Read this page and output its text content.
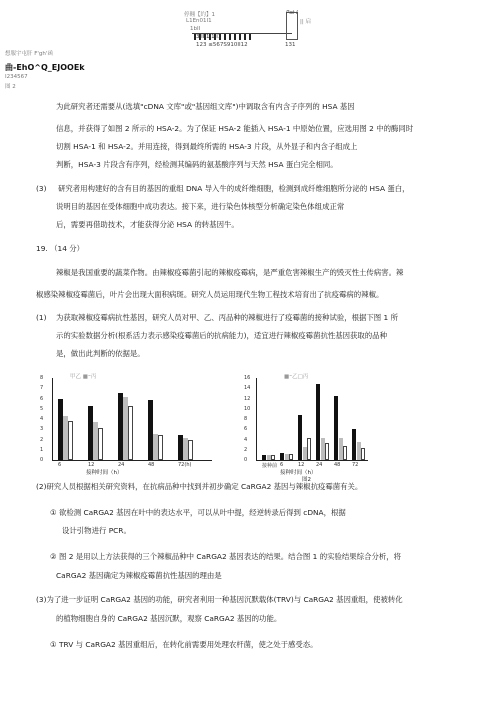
停翱【約】1
L1En01I1
1bII
3IIII1I1II1
123 ≤567S910II12
Pst Ⅰ
|| 启
131
想服宇屯肝 F'gh'函
曲-EhO^Q_EJOOEk
I234567
图 2
为此研究者还需要从(选填"cDNA 文库"或"基因组文库")中调取含有内含子序列的 HSA 基因
信息，并获得了如图 2 所示的 HSA-2。为了保证 HSA-2 能插入 HSA-1 中原始位置，应选用图 2 中的酶同时
切割 HSA-1 和 HSA-2。并用连接，得到最终所需的 HSA-3 片段，从外显子和内含子组成上
判断，HSA-3 片段含有序列，经检测其编码的氨基酸序列与天然 HSA 蛋白完全相同。
(3) 研究者用构建好的含有目的基因的重组 DNA 导入牛的成纤维细胞，检测到成纤维细胞所分泌的 HSA 蛋白，
说明目的基因在受体细胞中成功表达。接下来，进行染色体核型分析确定染色体组成正常
后，需要再借助技术，才能获得分泌 HSA 的转基因牛。
19. （14 分）
辣椒是我国重要的蔬菜作物。由辣椒疫霉菌引起的辣椒疫霉病，是严重危害辣椒生产的毁灭性土传病害。辣
椒感染辣椒疫霉菌后，叶片会出现大面积病斑。研究人员运用现代生物工程技术培育出了抗疫霉病的辣椒。
(1) 为获取辣椒疫霉病抗性基因，研究人员对甲、乙、丙品种的辣椒进行了疫霉菌的接种试验，根据下图 1 所
示的实验数据分析(根系活力表示感染疫霉菌后的抗病能力)，适宜进行辣椒疫霉菌抗性基因获取的品种
是，做出此判断的依据是。
甲乙 ■⁼丙
8
7
6
5
4
3
2
1
0
6	12	24	48	72(h)
接种时间（h）
■⁼乙□丙
16
14
12
10
8
6
4
2
0
接种前 6	12 24 48 72
接种时间（h）
图2
(2)研究人员根据相关研究资料，在抗病品种中找到并初步确定 CaRGA2 基因与辣椒抗疫霉菌有关。
① 欲检测 CaRGA2 基因在叶中的表达水平，可以从叶中提，经逆转录后得到 cDNA，根据
设计引物进行 PCR。
② 图 2 是用以上方法获得的三个辣椒品种中 CaRGA2 基因表达的结果。结合图 1 的实验结果综合分析，将
CaRGA2 基因确定为辣椒疫霉菌抗性基因的理由是
(3)为了进一步证明 CaRGA2 基因的功能，研究者利用一种基因沉默载体(TRV)与 CaRGA2 基因重组，使被转化
的植物细胞自身的 CaRGA2 基因沉默，观察 CaRGA2 基因的功能。
① TRV 与 CaRGA2 基因重组后，在转化前需要用处理农杆菌，使之处于感受态。
